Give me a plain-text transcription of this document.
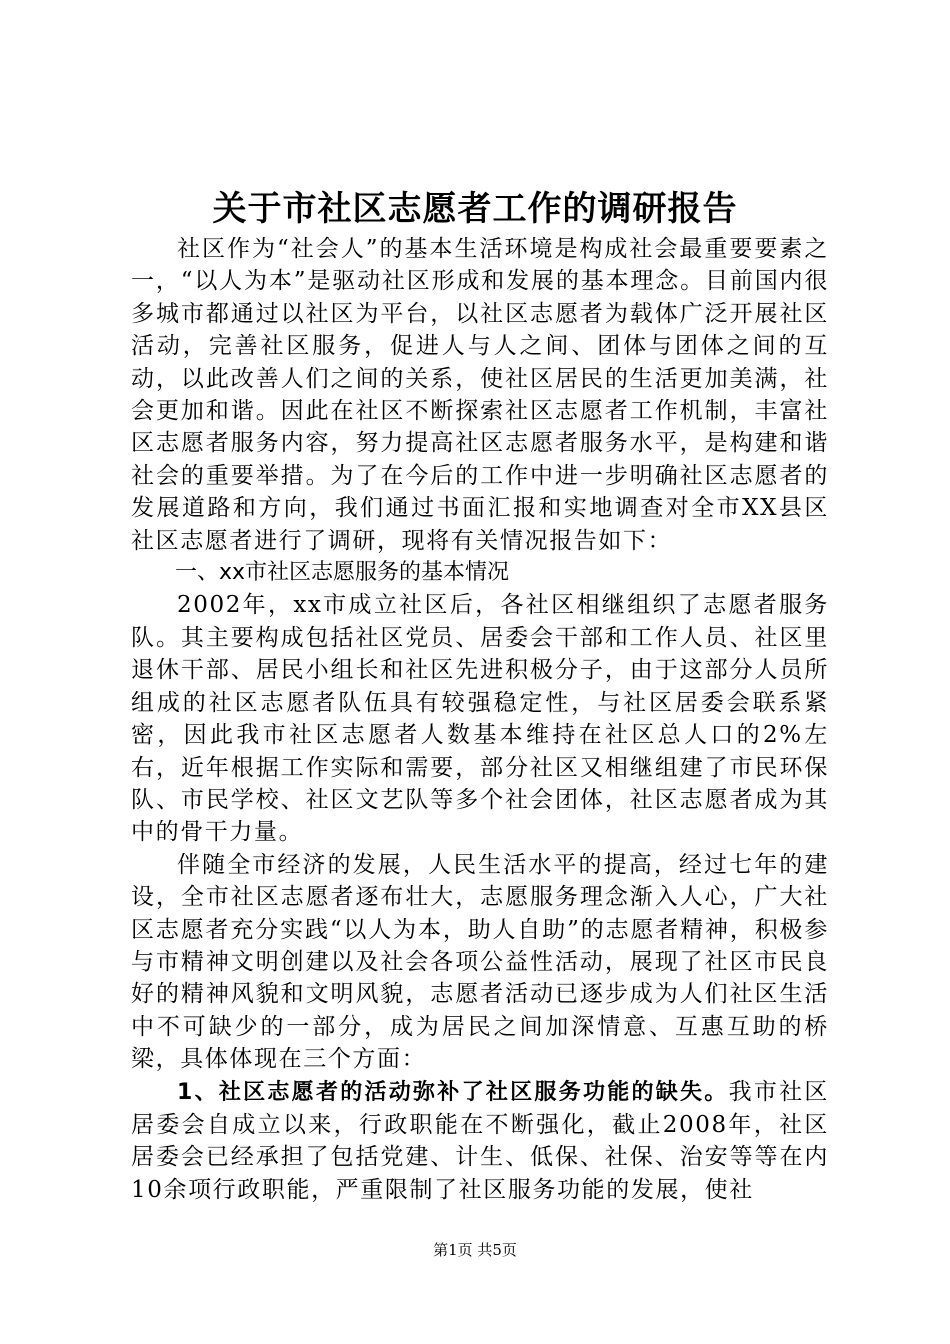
关于市社区志愿者工作的调研报告

社区作为“社会人”的基本生活环境是构成社会最重要要素之一，“以人为本”是驱动社区形成和发展的基本理念。目前国内很多城市都通过以社区为平台，以社区志愿者为载体广泛开展社区活动，完善社区服务，促进人与人之间、团体与团体之间的互动，以此改善人们之间的关系，使社区居民的生活更加美满，社会更加和谐。因此在社区不断探索社区志愿者工作机制，丰富社区志愿者服务内容，努力提高社区志愿者服务水平，是构建和谐社会的重要举措。为了在今后的工作中进一步明确社区志愿者的发展道路和方向，我们通过书面汇报和实地调查对全市XX县区社区志愿者进行了调研，现将有关情况报告如下：

一、xx市社区志愿服务的基本情况

2002年，xx市成立社区后，各社区相继组织了志愿者服务队。其主要构成包括社区党员、居委会干部和工作人员、社区里退休干部、居民小组长和社区先进积极分子，由于这部分人员所组成的社区志愿者队伍具有较强稳定性，与社区居委会联系紧密，因此我市社区志愿者人数基本维持在社区总人口的2%左右，近年根据工作实际和需要，部分社区又相继组建了市民环保队、市民学校、社区文艺队等多个社会团体，社区志愿者成为其中的骨干力量。

伴随全市经济的发展，人民生活水平的提高，经过七年的建设，全市社区志愿者逐布壮大，志愿服务理念渐入人心，广大社区志愿者充分实践“以人为本，助人自助”的志愿者精神，积极参与市精神文明创建以及社会各项公益性活动，展现了社区市民良好的精神风貌和文明风貌，志愿者活动已逐步成为人们社区生活中不可缺少的一部分，成为居民之间加深情意、互惠互助的桥梁，具体体现在三个方面：

1、社区志愿者的活动弥补了社区服务功能的缺失。我市社区居委会自成立以来，行政职能在不断强化，截止2008年，社区居委会已经承担了包括党建、计生、低保、社保、治安等等在内10余项行政职能，严重限制了社区服务功能的发展，使社

第1页 共5页
